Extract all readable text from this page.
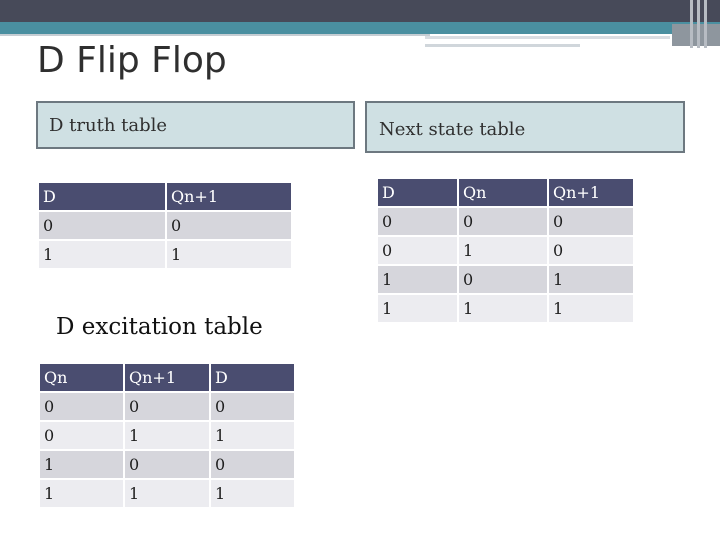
D Flip Flop
D truth table	Next state table
D excitation table
D	Qn+1
0	0
1	1
D	Qn	Qn+1
0	0	0
0	1	0
1	0	1
1	1	1
Qn	Qn+1	D
0	0	0
0	1	1
1	0	0
1	1	1
